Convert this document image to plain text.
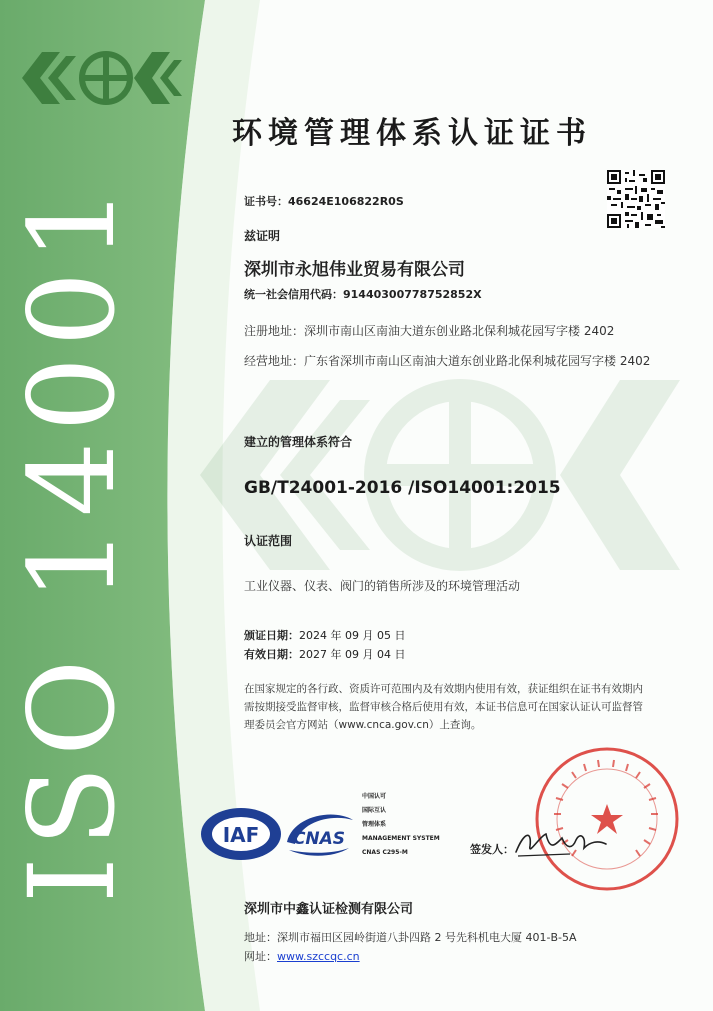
ISO 14001
环境管理体系认证证书
证书号：46624E106822R0S
兹证明
深圳市永旭伟业贸易有限公司
统一社会信用代码：91440300778752852X
注册地址：深圳市南山区南油大道东创业路北保利城花园写字楼 2402
经营地址：广东省深圳市南山区南油大道东创业路北保利城花园写字楼 2402
建立的管理体系符合
GB/T24001-2016 /ISO14001:2015
认证范围
工业仪器、仪表、阀门的销售所涉及的环境管理活动
颁证日期：2024 年 09 月 05 日
有效日期：2027 年 09 月 04 日
在国家规定的各行政、资质许可范围内及有效期内使用有效，获证组织在证书有效期内
需按期接受监督审核，监督审核合格后使用有效，本证书信息可在国家认证认可监督管
理委员会官方网站（www.cnca.gov.cn）上查询。
IAF CNAS
中国认可
国际互认
管理体系
MANAGEMENT SYSTEM
CNAS C295-M	签发人：
深圳市中鑫认证检测有限公司
地址：深圳市福田区园岭街道八卦四路 2 号先科机电大厦 401-B-5A
网址：www.szccqc.cn
